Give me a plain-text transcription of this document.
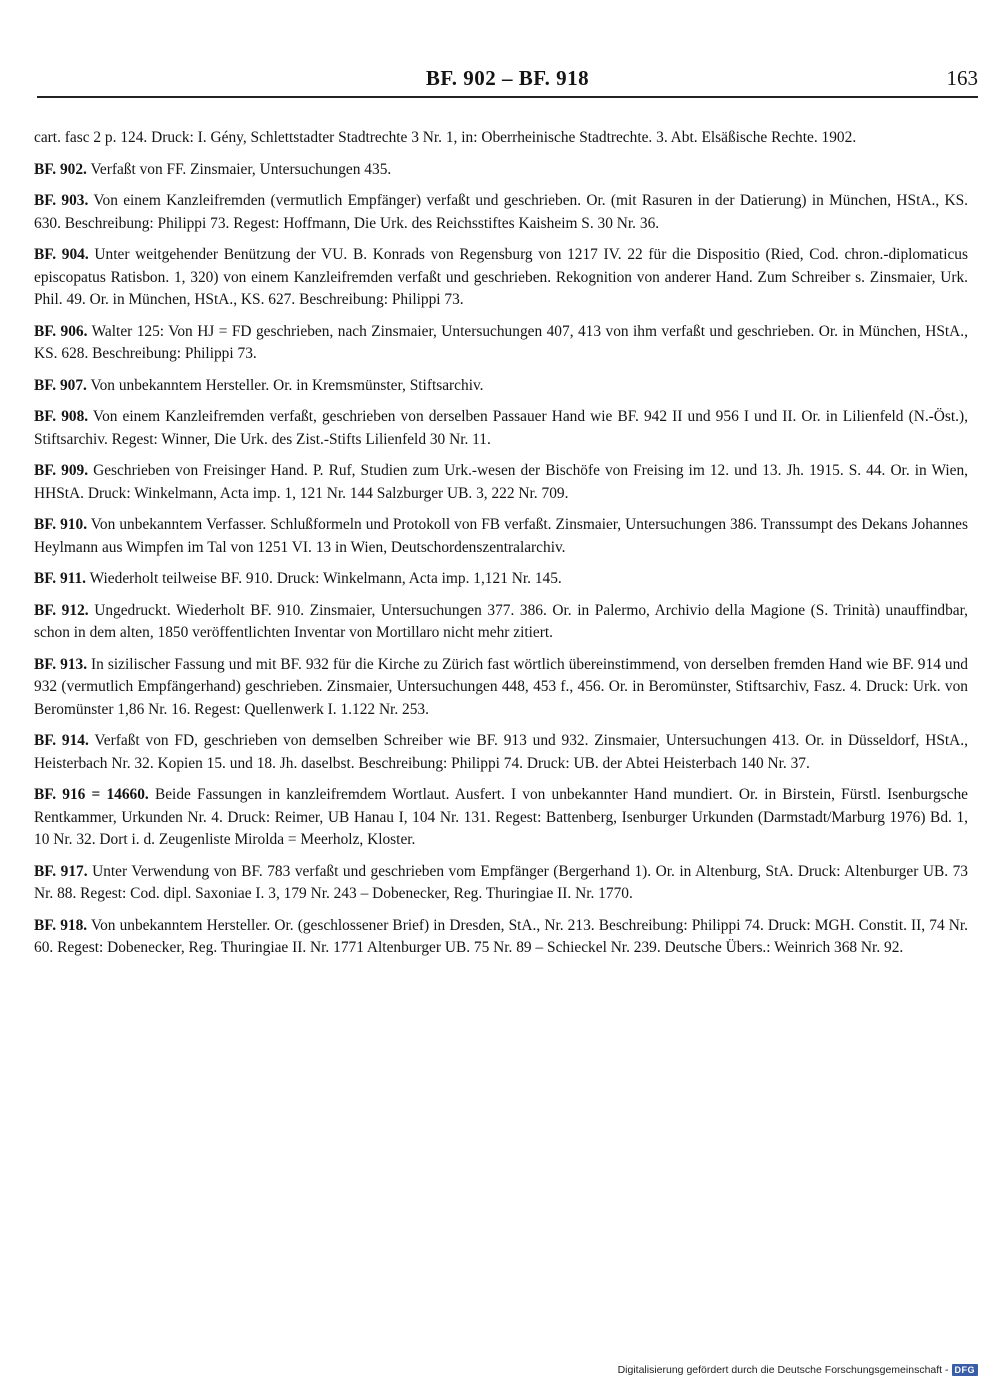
BF. 902 – BF. 918	163

cart. fasc 2 p. 124. Druck: I. Gény, Schlettstadter Stadtrechte 3 Nr. 1, in: Oberrheinische Stadtrechte. 3. Abt. Elsäßische Rechte. 1902.

BF. 902. Verfaßt von FF. Zinsmaier, Untersuchungen 435.

BF. 903. Von einem Kanzleifremden (vermutlich Empfänger) verfaßt und geschrieben. Or. (mit Rasuren in der Datierung) in München, HStA., KS. 630. Beschreibung: Philippi 73. Regest: Hoffmann, Die Urk. des Reichsstiftes Kaisheim S. 30 Nr. 36.

BF. 904. Unter weitgehender Benützung der VU. B. Konrads von Regensburg von 1217 IV. 22 für die Dispositio (Ried, Cod. chron.-diplomaticus episcopatus Ratisbon. 1, 320) von einem Kanzleifremden verfaßt und geschrieben. Rekognition von anderer Hand. Zum Schreiber s. Zinsmaier, Urk. Phil. 49. Or. in München, HStA., KS. 627. Beschreibung: Philippi 73.

BF. 906. Walter 125: Von HJ = FD geschrieben, nach Zinsmaier, Untersuchungen 407, 413 von ihm verfaßt und geschrieben. Or. in München, HStA., KS. 628. Beschreibung: Philippi 73.

BF. 907. Von unbekanntem Hersteller. Or. in Kremsmünster, Stiftsarchiv.

BF. 908. Von einem Kanzleifremden verfaßt, geschrieben von derselben Passauer Hand wie BF. 942 II und 956 I und II. Or. in Lilienfeld (N.-Öst.), Stiftsarchiv. Regest: Winner, Die Urk. des Zist.-Stifts Lilienfeld 30 Nr. 11.

BF. 909. Geschrieben von Freisinger Hand. P. Ruf, Studien zum Urk.-wesen der Bischöfe von Freising im 12. und 13. Jh. 1915. S. 44. Or. in Wien, HHStA. Druck: Winkelmann, Acta imp. 1, 121 Nr. 144 Salzburger UB. 3, 222 Nr. 709.

BF. 910. Von unbekanntem Verfasser. Schlußformeln und Protokoll von FB verfaßt. Zinsmaier, Untersuchungen 386. Transsumpt des Dekans Johannes Heylmann aus Wimpfen im Tal von 1251 VI. 13 in Wien, Deutschordenszentralarchiv.

BF. 911. Wiederholt teilweise BF. 910. Druck: Winkelmann, Acta imp. 1,121 Nr. 145.

BF. 912. Ungedruckt. Wiederholt BF. 910. Zinsmaier, Untersuchungen 377. 386. Or. in Palermo, Archivio della Magione (S. Trinità) unauffindbar, schon in dem alten, 1850 veröffentlichten Inventar von Mortillaro nicht mehr zitiert.

BF. 913. In sizilischer Fassung und mit BF. 932 für die Kirche zu Zürich fast wörtlich übereinstimmend, von derselben fremden Hand wie BF. 914 und 932 (vermutlich Empfängerhand) geschrieben. Zinsmaier, Untersuchungen 448, 453 f., 456. Or. in Beromünster, Stiftsarchiv, Fasz. 4. Druck: Urk. von Beromünster 1,86 Nr. 16. Regest: Quellenwerk I. 1.122 Nr. 253.

BF. 914. Verfaßt von FD, geschrieben von demselben Schreiber wie BF. 913 und 932. Zinsmaier, Untersuchungen 413. Or. in Düsseldorf, HStA., Heisterbach Nr. 32. Kopien 15. und 18. Jh. daselbst. Beschreibung: Philippi 74. Druck: UB. der Abtei Heisterbach 140 Nr. 37.

BF. 916 = 14660. Beide Fassungen in kanzleifremdem Wortlaut. Ausfert. I von unbekannter Hand mundiert. Or. in Birstein, Fürstl. Isenburgsche Rentkammer, Urkunden Nr. 4. Druck: Reimer, UB Hanau I, 104 Nr. 131. Regest: Battenberg, Isenburger Urkunden (Darmstadt/Marburg 1976) Bd. 1, 10 Nr. 32. Dort i. d. Zeugenliste Mirolda = Meerholz, Kloster.

BF. 917. Unter Verwendung von BF. 783 verfaßt und geschrieben vom Empfänger (Bergerhand 1). Or. in Altenburg, StA. Druck: Altenburger UB. 73 Nr. 88. Regest: Cod. dipl. Saxoniae I. 3, 179 Nr. 243 – Dobenecker, Reg. Thuringiae II. Nr. 1770.

BF. 918. Von unbekanntem Hersteller. Or. (geschlossener Brief) in Dresden, StA., Nr. 213. Beschreibung: Philippi 74. Druck: MGH. Constit. II, 74 Nr. 60. Regest: Dobenecker, Reg. Thuringiae II. Nr. 1771 Altenburger UB. 75 Nr. 89 – Schieckel Nr. 239. Deutsche Übers.: Weinrich 368 Nr. 92.

Digitalisierung gefördert durch die Deutsche Forschungsgemeinschaft - DFG
